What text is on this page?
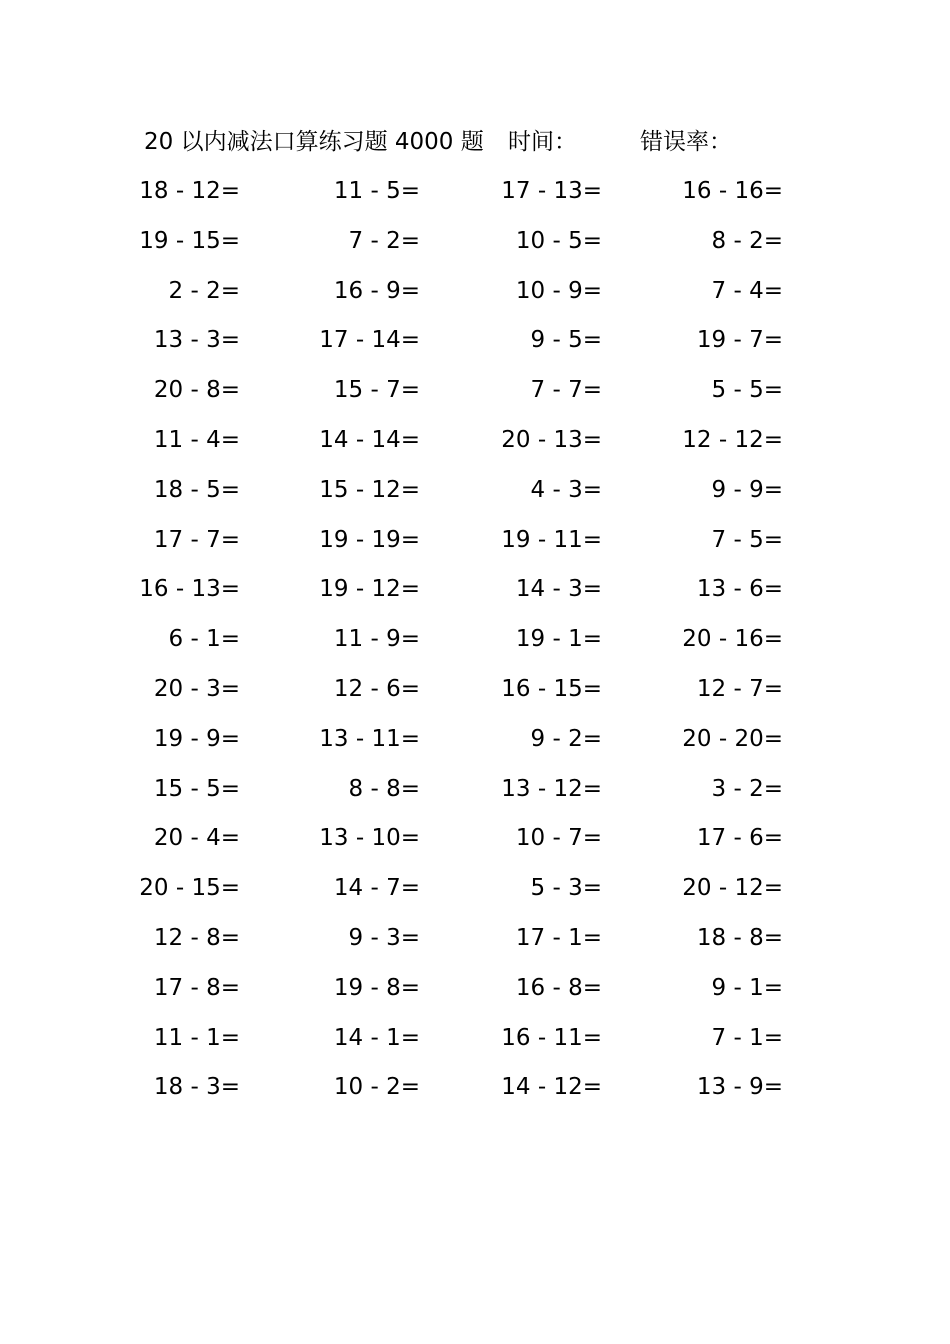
20 以内减法口算练习题 4000 题 时间：	错误率：
18 - 12=	11 - 5=	17 - 13=	16 - 16=
19 - 15=	7 - 2=	10 - 5=	8 - 2=
2 - 2=	16 - 9=	10 - 9=	7 - 4=
13 - 3=	17 - 14=	9 - 5=	19 - 7=
20 - 8=	15 - 7=	7 - 7=	5 - 5=
11 - 4=	14 - 14=	20 - 13=	12 - 12=
18 - 5=	15 - 12=	4 - 3=	9 - 9=
17 - 7=	19 - 19=	19 - 11=	7 - 5=
16 - 13=	19 - 12=	14 - 3=	13 - 6=
6 - 1=	11 - 9=	19 - 1=	20 - 16=
20 - 3=	12 - 6=	16 - 15=	12 - 7=
19 - 9=	13 - 11=	9 - 2=	20 - 20=
15 - 5=	8 - 8=	13 - 12=	3 - 2=
20 - 4=	13 - 10=	10 - 7=	17 - 6=
20 - 15=	14 - 7=	5 - 3=	20 - 12=
12 - 8=	9 - 3=	17 - 1=	18 - 8=
17 - 8=	19 - 8=	16 - 8=	9 - 1=
11 - 1=	14 - 1=	16 - 11=	7 - 1=
18 - 3=	10 - 2=	14 - 12=	13 - 9=
